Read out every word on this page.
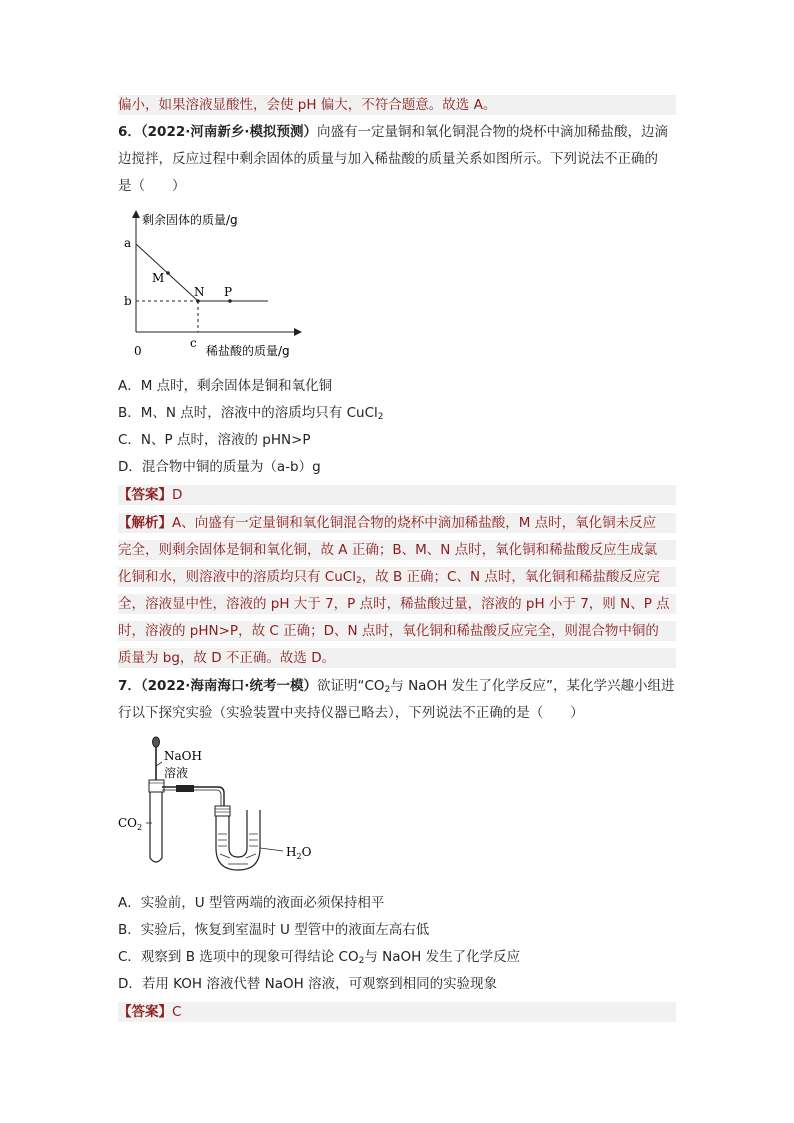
偏小，如果溶液显酸性，会使 pH 偏大，不符合题意。故选 A。
6．（2022·河南新乡·模拟预测）向盛有一定量铜和氧化铜混合物的烧杯中滴加稀盐酸，边滴
边搅拌，反应过程中剩余固体的质量与加入稀盐酸的质量关系如图所示。下列说法不正确的
是（　　）
剩余固体的质量/g
a
M
N P
b
0
c
稀盐酸的质量/g
A．M 点时，剩余固体是铜和氧化铜
B．M、N 点时，溶液中的溶质均只有 CuCl$_2$
C．N、P 点时，溶液的 pHN>P
D．混合物中铜的质量为（a-b）g
【答案】D
【解析】A、向盛有一定量铜和氧化铜混合物的烧杯中滴加稀盐酸，M 点时，氧化铜未反应
完全，则剩余固体是铜和氧化铜，故 A 正确；B、M、N 点时，氧化铜和稀盐酸反应生成氯
化铜和水，则溶液中的溶质均只有 CuCl$_2$，故 B 正确；C、N 点时，氧化铜和稀盐酸反应完
全，溶液显中性，溶液的 pH 大于 7，P 点时，稀盐酸过量，溶液的 pH 小于 7，则 N、P 点
时，溶液的 pHN>P，故 C 正确；D、N 点时，氧化铜和稀盐酸反应完全，则混合物中铜的
质量为 bg，故 D 不正确。故选 D。
7．（2022·海南海口·统考一模）欲证明“$CO_2$与 NaOH 发生了化学反应”，某化学兴趣小组进
行以下探究实验（实验装置中夹持仪器已略去），下列说法不正确的是（　　）
NaOH
溶液
$CO_2$
$H_2O$
A．实验前，U 型管两端的液面必须保持相平
B．实验后，恢复到室温时 U 型管中的液面左高右低
C．观察到 B 选项中的现象可得结论 $CO_2$与 NaOH 发生了化学反应
D．若用 KOH 溶液代替 NaOH 溶液，可观察到相同的实验现象
【答案】C
